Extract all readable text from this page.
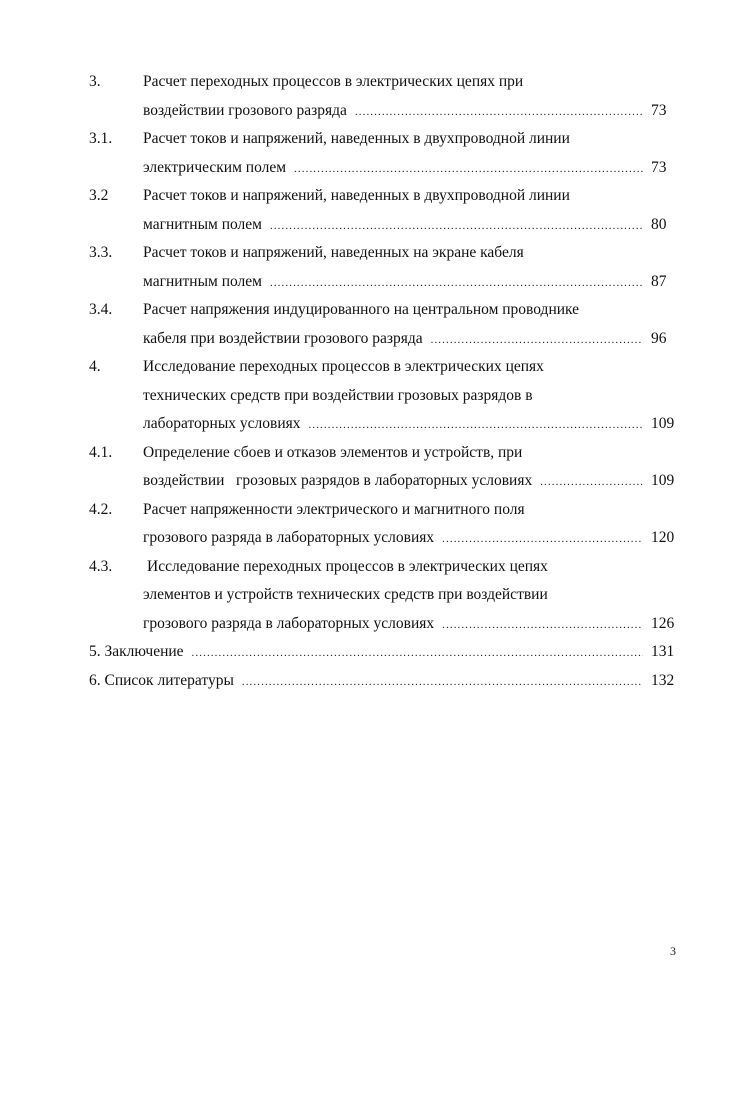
3.	Расчет переходных процессов в электрических цепях при
воздействии грозового разряда .....	73
3.1. Расчет токов и напряжений, наведенных в двухпроводной линии
электрическим полем .....	73
3.2 Расчет токов и напряжений, наведенных в двухпроводной линии
магнитным полем .....	80
3.3. Расчет токов и напряжений, наведенных на экране кабеля
магнитным полем .....	87
3.4. Расчет напряжения индуцированного на центральном проводнике
кабеля при воздействии грозового разряда .....	96
4.	Исследование переходных процессов в электрических цепях
технических средств при воздействии грозовых разрядов в
лабораторных условиях .....	109
4.1. Определение сбоев и отказов элементов и устройств, при
воздействии   грозовых разрядов в лабораторных условиях .....	109
4.2. Расчет напряженности электрического и магнитного поля
грозового разряда в лабораторных условиях .....	120
4.3. Исследование переходных процессов в электрических цепях
элементов и устройств технических средств при воздействии
грозового разряда в лабораторных условиях .....	126
5. Заключение .....	131
6. Список литературы .....	132
3
